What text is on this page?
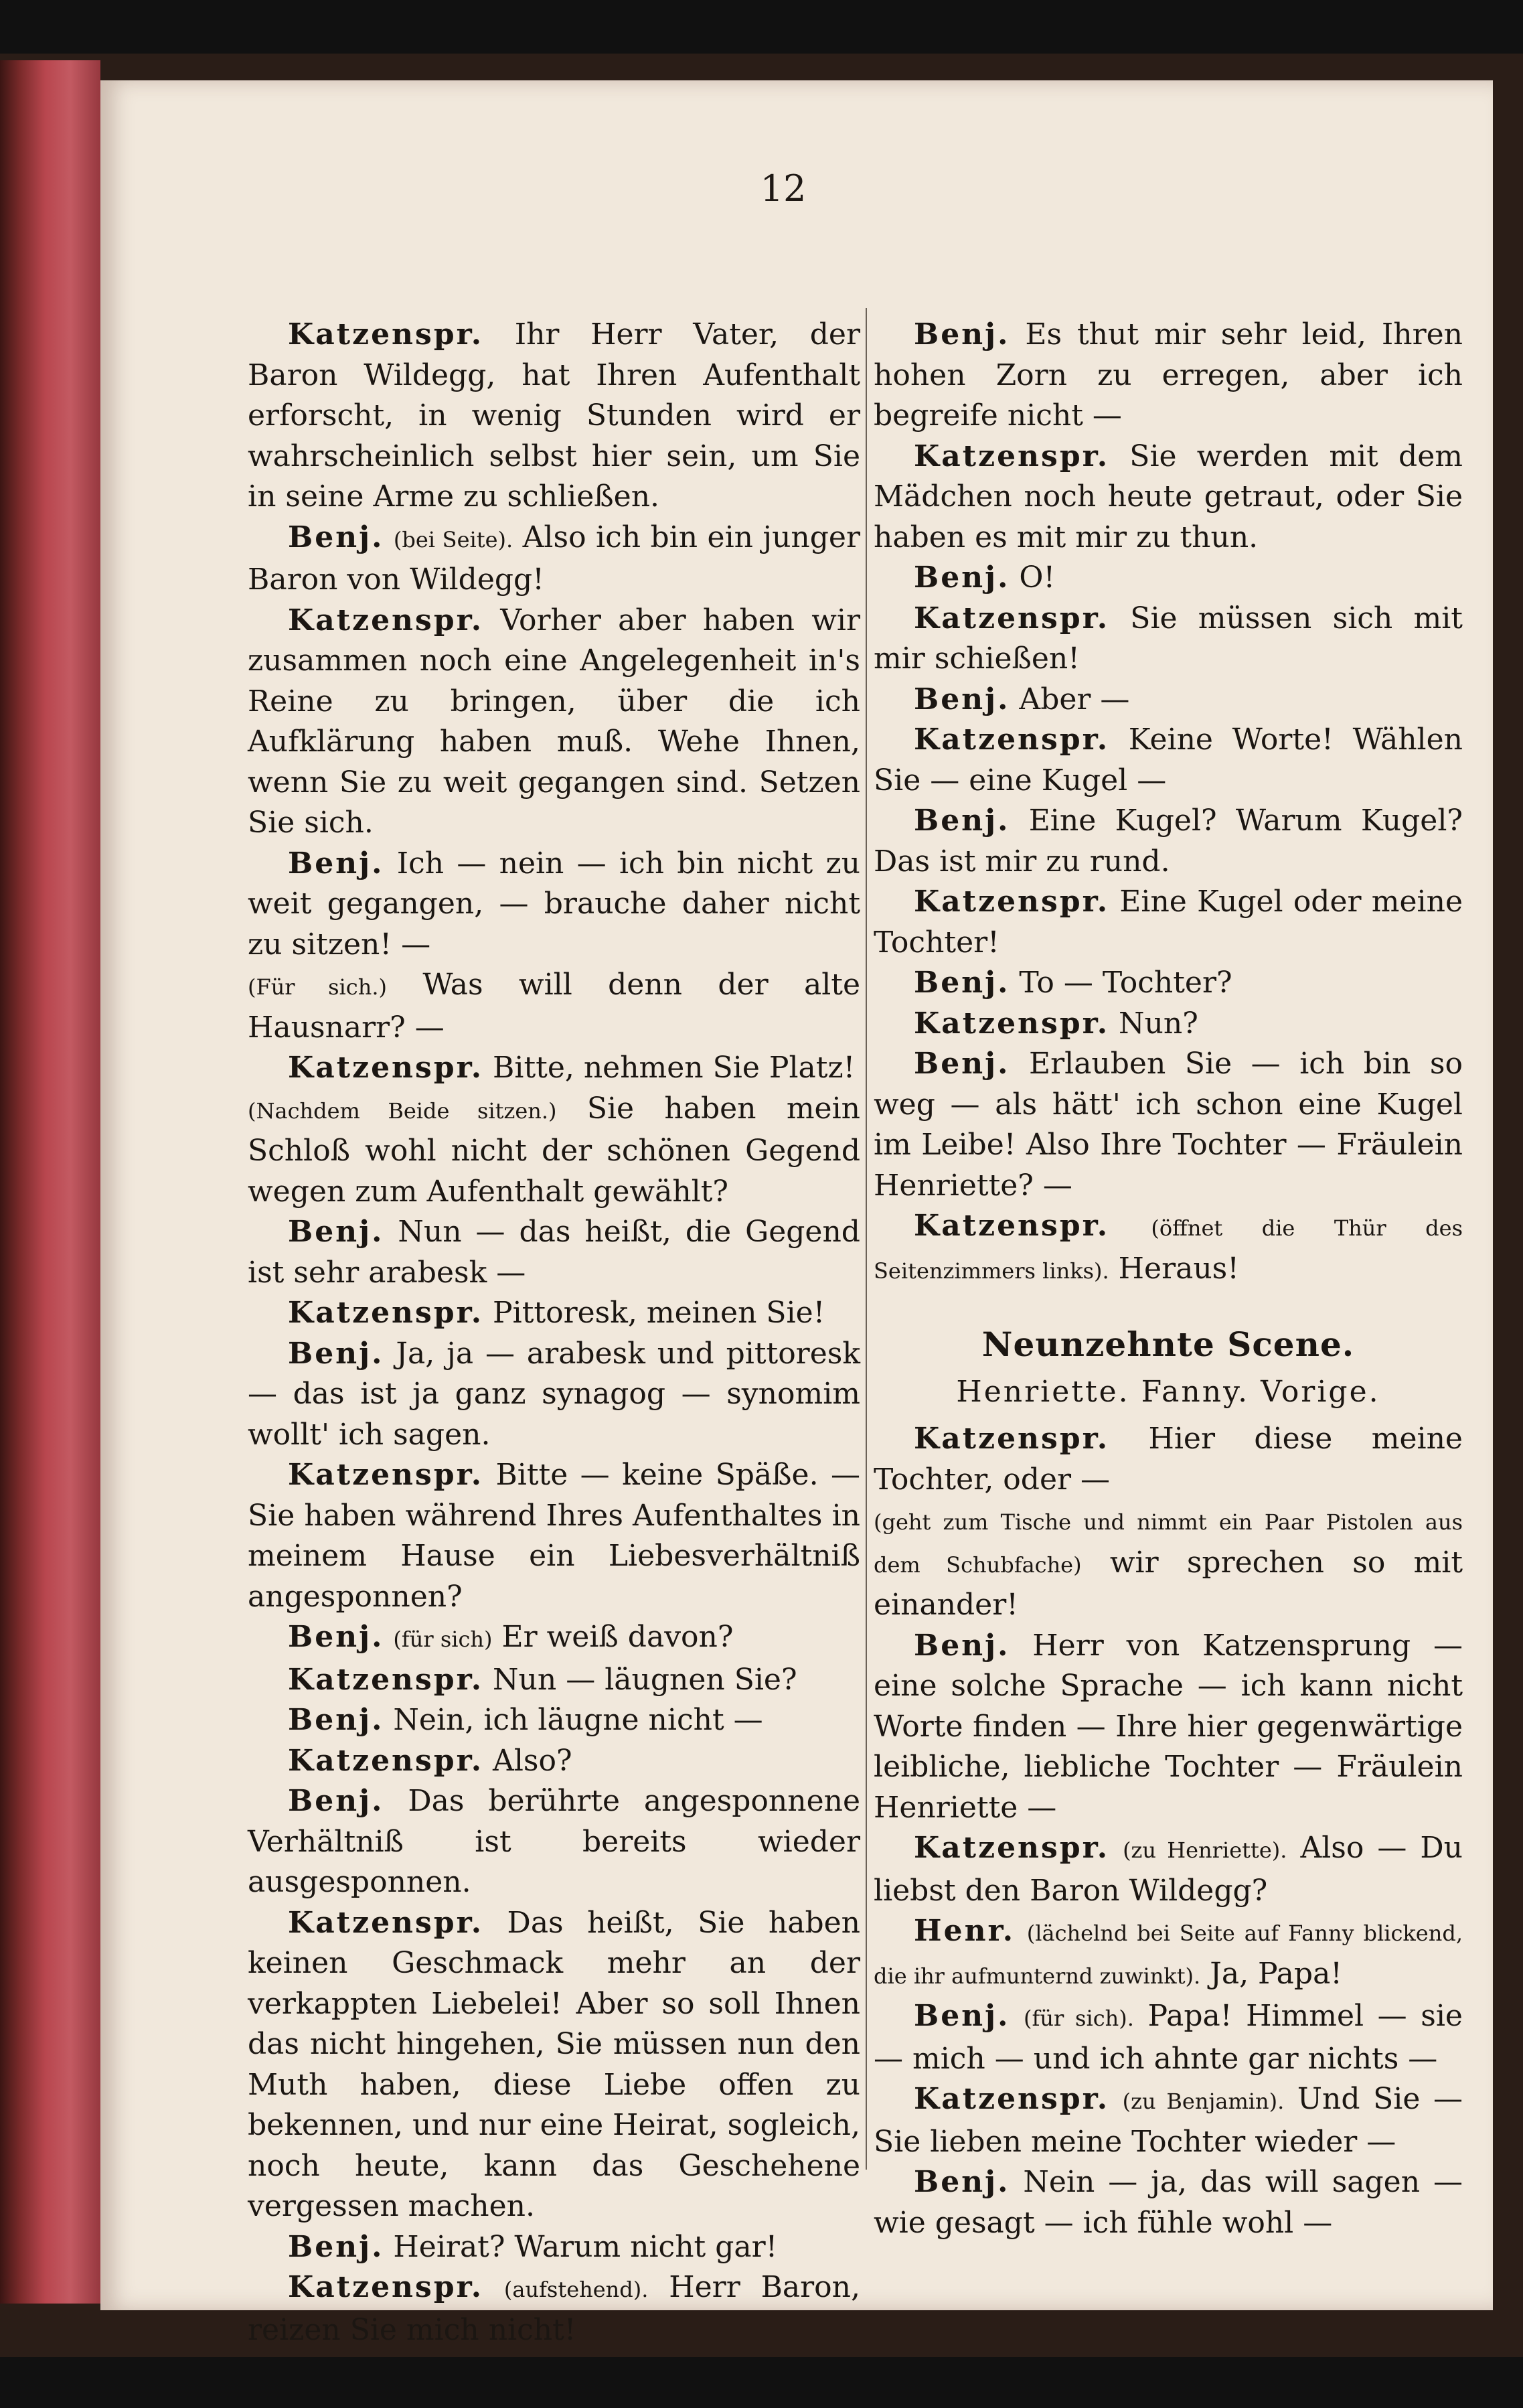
12

Katzenspr. Ihr Herr Vater, der Baron Wildegg, hat Ihren Aufenthalt erforscht, in wenig Stunden wird er wahrscheinlich selbst hier sein, um Sie in seine Arme zu schließen.

Benj. (bei Seite). Also ich bin ein junger Baron von Wildegg!

Katzenspr. Vorher aber haben wir zusammen noch eine Angelegenheit in's Reine zu bringen, über die ich Aufklärung haben muß. Wehe Ihnen, wenn Sie zu weit gegangen sind. Setzen Sie sich.

Benj. Ich — nein — ich bin nicht zu weit gegangen, — brauche daher nicht zu sitzen! —

(Für sich.) Was will denn der alte Hausnarr? —

Katzenspr. Bitte, nehmen Sie Platz!

(Nachdem Beide sitzen.) Sie haben mein Schloß wohl nicht der schönen Gegend wegen zum Aufenthalt gewählt?

Benj. Nun — das heißt, die Gegend ist sehr arabesk —

Katzenspr. Pittoresk, meinen Sie!

Benj. Ja, ja — arabesk und pittoresk — das ist ja ganz synagog — synomim wollt' ich sagen.

Katzenspr. Bitte — keine Späße. — Sie haben während Ihres Aufenthaltes in meinem Hause ein Liebesverhältniß angesponnen?

Benj. (für sich) Er weiß davon?

Katzenspr. Nun — läugnen Sie?

Benj. Nein, ich läugne nicht —

Katzenspr. Also?

Benj. Das berührte angesponnene Verhältniß ist bereits wieder ausgesponnen.

Katzenspr. Das heißt, Sie haben keinen Geschmack mehr an der verkappten Liebelei! Aber so soll Ihnen das nicht hingehen, Sie müssen nun den Muth haben, diese Liebe offen zu bekennen, und nur eine Heirat, sogleich, noch heute, kann das Geschehene vergessen machen.

Benj. Heirat? Warum nicht gar!

Katzenspr. (aufstehend). Herr Baron, reizen Sie mich nicht!

Benj. Es thut mir sehr leid, Ihren hohen Zorn zu erregen, aber ich begreife nicht —

Katzenspr. Sie werden mit dem Mädchen noch heute getraut, oder Sie haben es mit mir zu thun.

Benj. O!

Katzenspr. Sie müssen sich mit mir schießen!

Benj. Aber —

Katzenspr. Keine Worte! Wählen Sie — eine Kugel —

Benj. Eine Kugel? Warum Kugel? Das ist mir zu rund.

Katzenspr. Eine Kugel oder meine Tochter!

Benj. To — Tochter?

Katzenspr. Nun?

Benj. Erlauben Sie — ich bin so weg — als hätt' ich schon eine Kugel im Leibe! Also Ihre Tochter — Fräulein Henriette? —

Katzenspr. (öffnet die Thür des Seitenzimmers links). Heraus!

Neunzehnte Scene.

Henriette. Fanny. Vorige.

Katzenspr. Hier diese meine Tochter, oder —

(geht zum Tische und nimmt ein Paar Pistolen aus dem Schubfache) wir sprechen so mit einander!

Benj. Herr von Katzensprung — eine solche Sprache — ich kann nicht Worte finden — Ihre hier gegenwärtige leibliche, liebliche Tochter — Fräulein Henriette —

Katzenspr. (zu Henriette). Also — Du liebst den Baron Wildegg?

Henr. (lächelnd bei Seite auf Fanny blickend, die ihr aufmunternd zuwinkt). Ja, Papa!

Benj. (für sich). Papa! Himmel — sie — mich — und ich ahnte gar nichts —

Katzenspr. (zu Benjamin). Und Sie — Sie lieben meine Tochter wieder —

Benj. Nein — ja, das will sagen — wie gesagt — ich fühle wohl —
